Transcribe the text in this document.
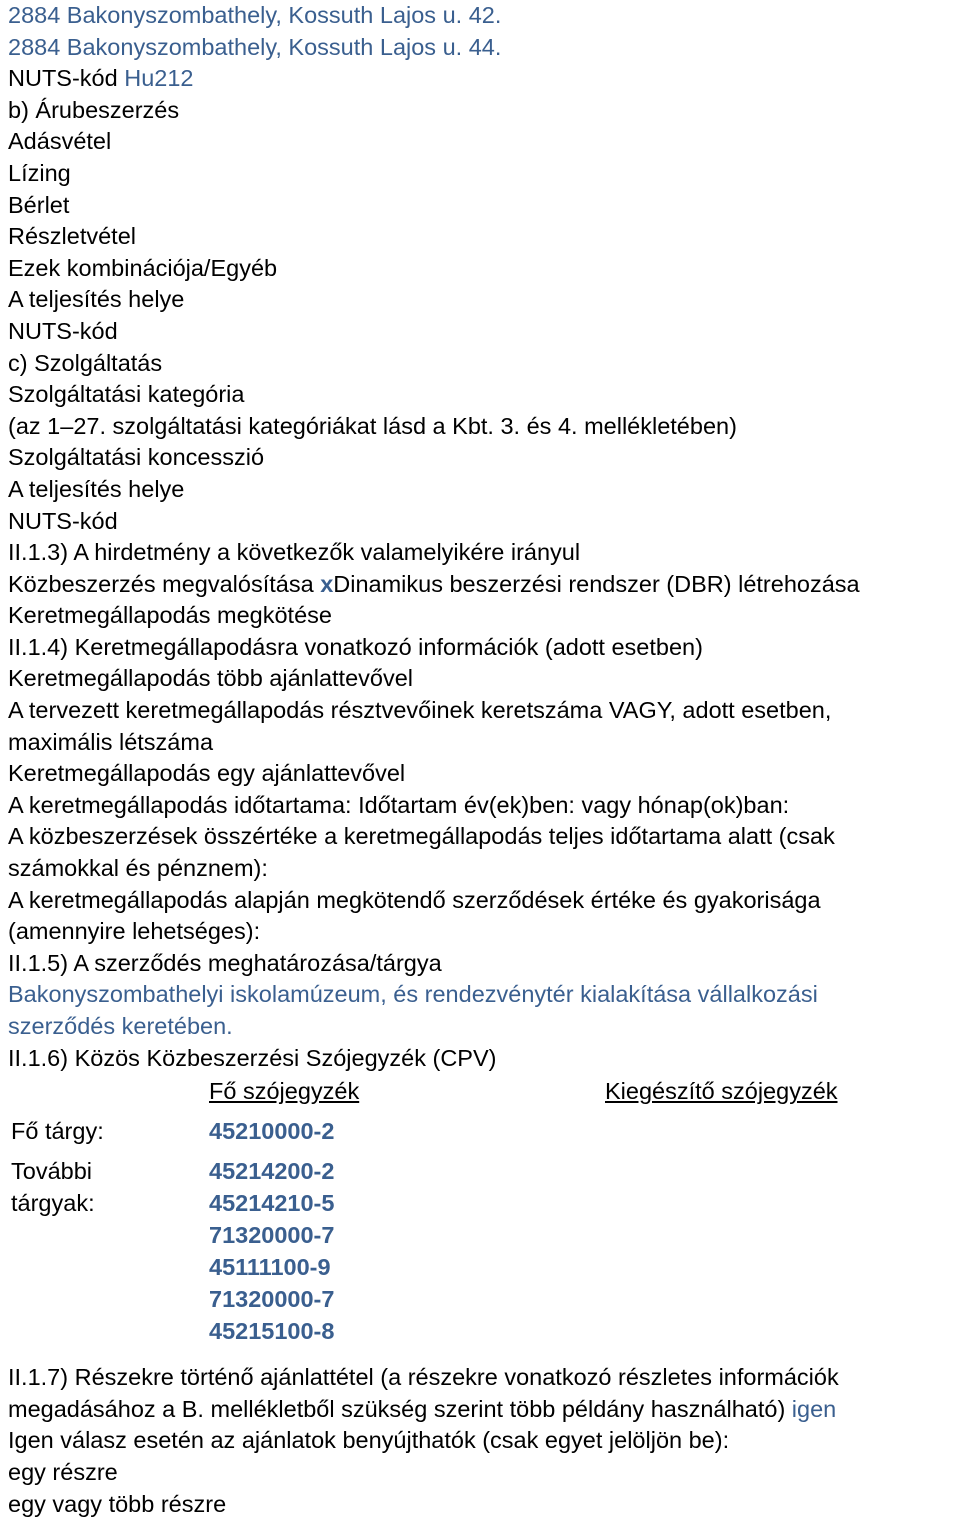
2884 Bakonyszombathely, Kossuth Lajos u. 42.
2884 Bakonyszombathely, Kossuth Lajos u. 44.
NUTS-kód Hu212
b) Árubeszerzés
Adásvétel
Lízing
Bérlet
Részletvétel
Ezek kombinációja/Egyéb
A teljesítés helye
NUTS-kód
c) Szolgáltatás
Szolgáltatási kategória
(az 1–27. szolgáltatási kategóriákat lásd a Kbt. 3. és 4. mellékletében)
Szolgáltatási koncesszió
A teljesítés helye
NUTS-kód
II.1.3) A hirdetmény a következők valamelyikére irányul
Közbeszerzés megvalósítása xDinamikus beszerzési rendszer (DBR) létrehozása
Keretmegállapodás megkötése
II.1.4) Keretmegállapodásra vonatkozó információk (adott esetben)
Keretmegállapodás több ajánlattevővel
A tervezett keretmegállapodás résztvevőinek keretszáma VAGY, adott esetben,
maximális létszáma
Keretmegállapodás egy ajánlattevővel
A keretmegállapodás időtartama: Időtartam év(ek)ben: vagy hónap(ok)ban:
A közbeszerzések összértéke a keretmegállapodás teljes időtartama alatt (csak
számokkal és pénznem):
A keretmegállapodás alapján megkötendő szerződések értéke és gyakorisága
(amennyire lehetséges):
II.1.5) A szerződés meghatározása/tárgya
Bakonyszombathelyi iskolamúzeum, és rendezvénytér kialakítása vállalkozási
szerződés keretében.
II.1.6) Közös Közbeszerzési Szójegyzék (CPV)
Fő szójegyzék	Kiegészítő szójegyzék
Fő tárgy:	45210000-2
További
tárgyak:
45214200-2
45214210-5
71320000-7
45111100-9
71320000-7
45215100-8
II.1.7) Részekre történő ajánlattétel (a részekre vonatkozó részletes információk
megadásához a B. mellékletből szükség szerint több példány használható) igen
Igen válasz esetén az ajánlatok benyújthatók (csak egyet jelöljön be):
egy részre
egy vagy több részre
